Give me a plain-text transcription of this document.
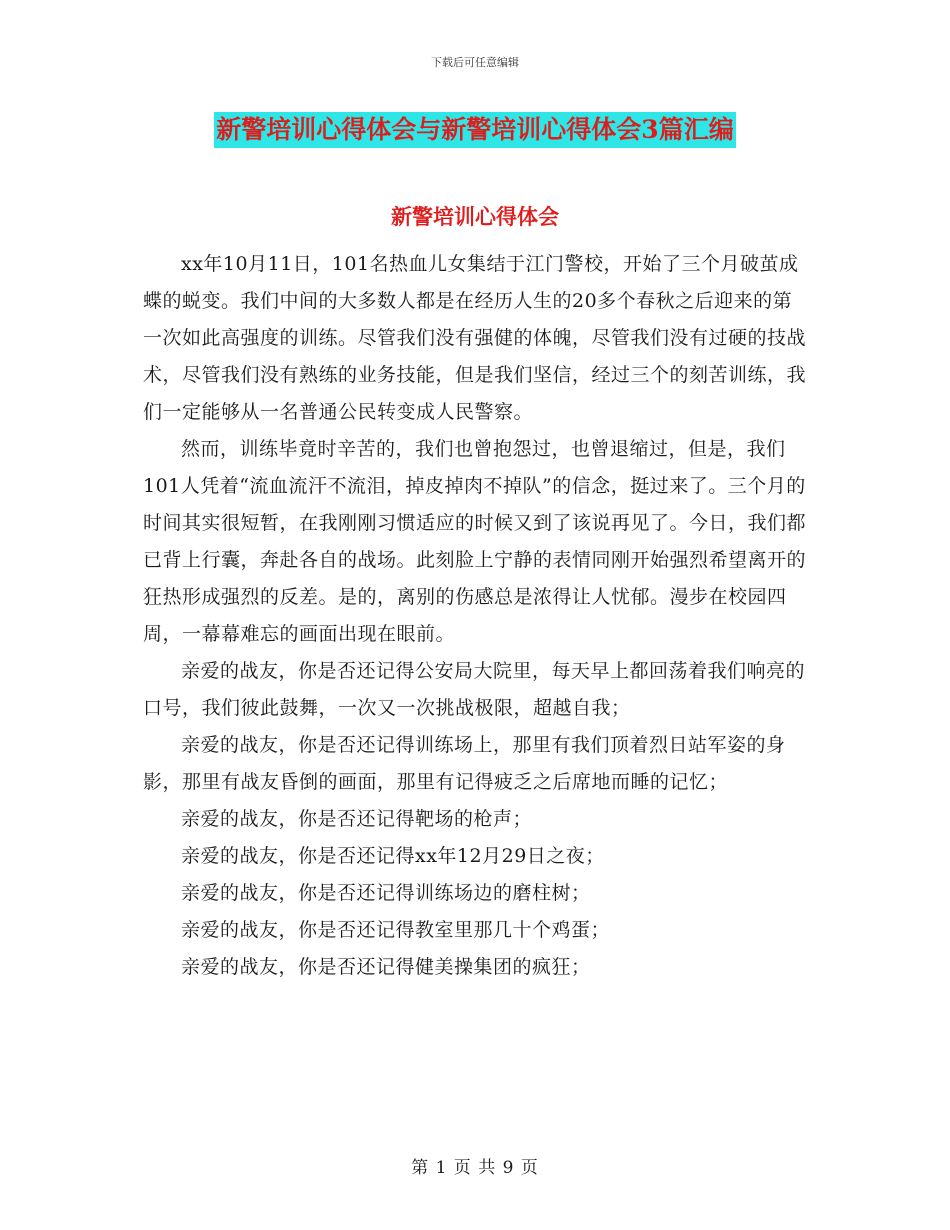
下载后可任意编辑
新警培训心得体会与新警培训心得体会3篇汇编
新警培训心得体会

xx年10月11日，101名热血儿女集结于江门警校，开始了三个月破茧成蝶的蜕变。我们中间的大多数人都是在经历人生的20多个春秋之后迎来的第一次如此高强度的训练。尽管我们没有强健的体魄，尽管我们没有过硬的技战术，尽管我们没有熟练的业务技能，但是我们坚信，经过三个的刻苦训练，我们一定能够从一名普通公民转变成人民警察。

然而，训练毕竟时辛苦的，我们也曾抱怨过，也曾退缩过，但是，我们101人凭着“流血流汗不流泪，掉皮掉肉不掉队”的信念，挺过来了。三个月的时间其实很短暂，在我刚刚习惯适应的时候又到了该说再见了。今日，我们都已背上行囊，奔赴各自的战场。此刻脸上宁静的表情同刚开始强烈希望离开的狂热形成强烈的反差。是的，离别的伤感总是浓得让人忧郁。漫步在校园四周，一幕幕难忘的画面出现在眼前。

亲爱的战友，你是否还记得公安局大院里，每天早上都回荡着我们响亮的口号，我们彼此鼓舞，一次又一次挑战极限，超越自我；

亲爱的战友，你是否还记得训练场上，那里有我们顶着烈日站军姿的身影，那里有战友昏倒的画面，那里有记得疲乏之后席地而睡的记忆；

亲爱的战友，你是否还记得靶场的枪声；

亲爱的战友，你是否还记得xx年12月29日之夜；

亲爱的战友，你是否还记得训练场边的磨柱树；

亲爱的战友，你是否还记得教室里那几十个鸡蛋；

亲爱的战友，你是否还记得健美操集团的疯狂；

第 1 页 共 9 页
